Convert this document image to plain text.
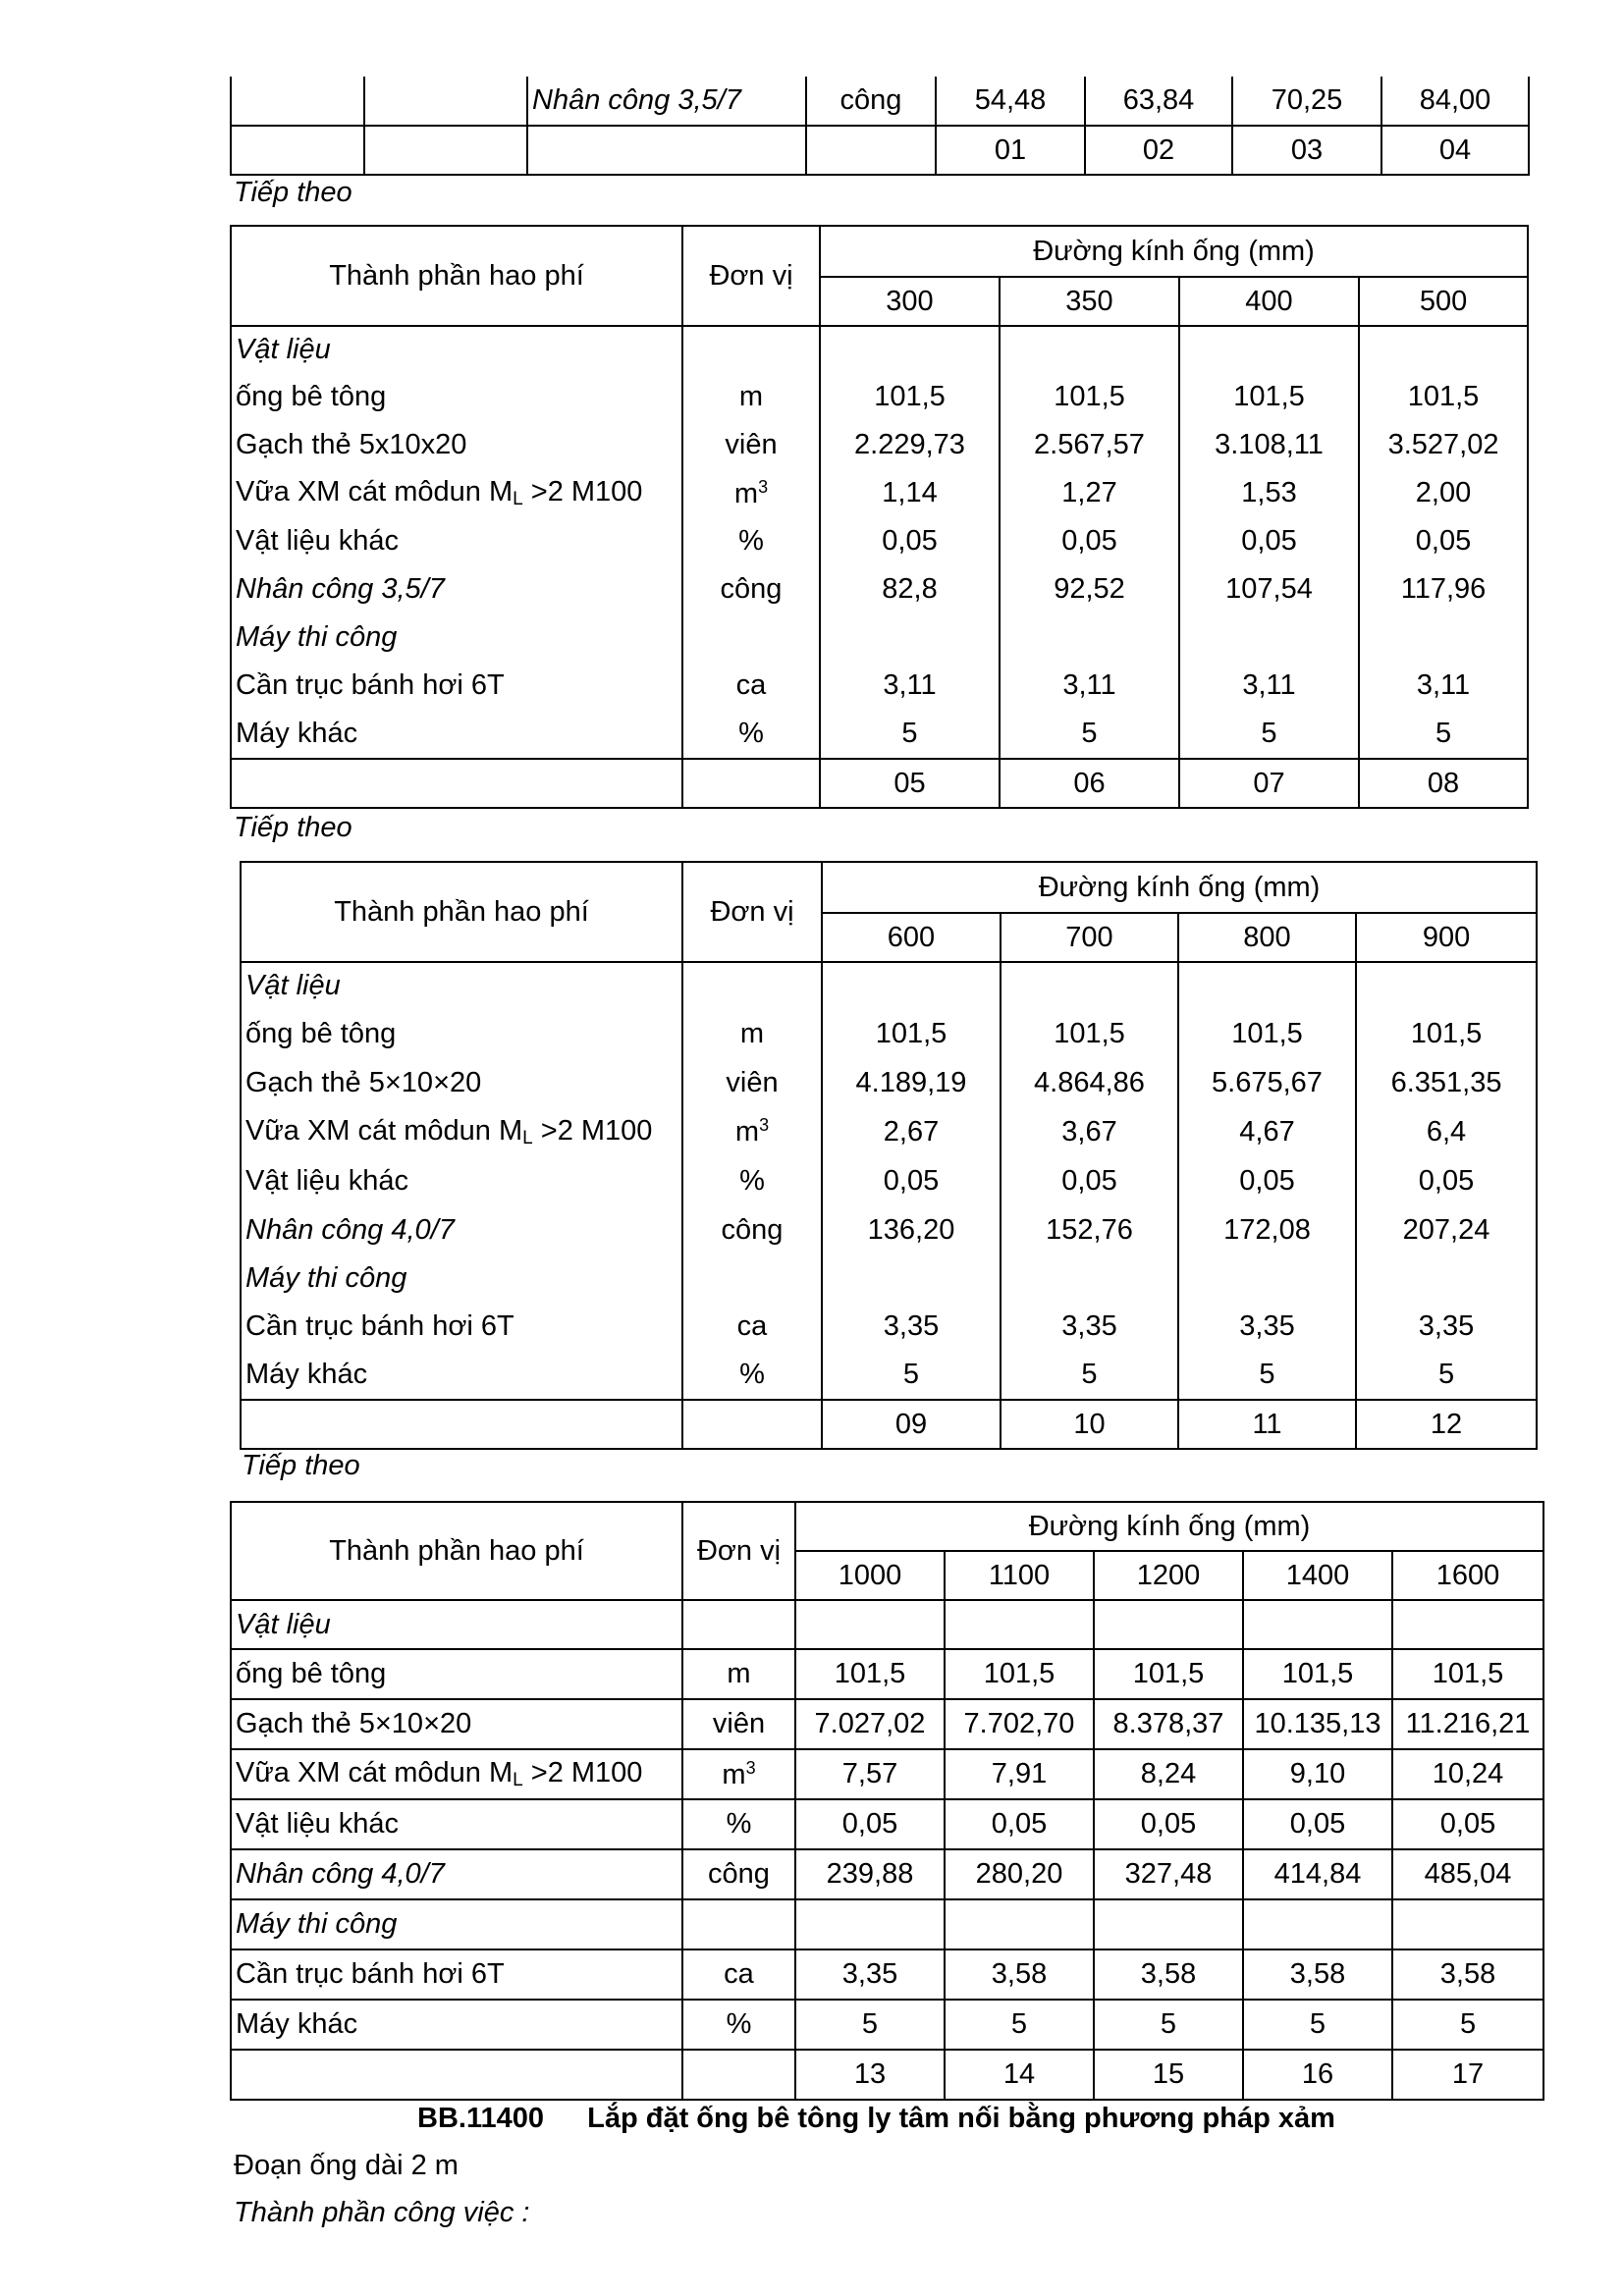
		Nhân công 3,5/7	công	54,48	63,84	70,25	84,00
				01	02	03	04
Tiếp theo
Thành phần hao phí	Đơn vị	Đường kính ống (mm)			
		300	350	400	500
Vật liệu					
ống bê tông	m	101,5	101,5	101,5	101,5
Gạch thẻ 5x10x20	viên	2.229,73	2.567,57	3.108,11	3.527,02
Vữa XM cát môdun $M_L >2$ M100	$m^3$	1,14	1,27	1,53	2,00
Vật liệu khác	%	0,05	0,05	0,05	0,05
Nhân công 3,5/7	công	82,8	92,52	107,54	117,96
Máy thi công					
Cần trục bánh hơi 6T	ca	3,11	3,11	3,11	3,11
Máy khác	%	5	5	5	5
		05	06	07	08
Tiếp theo
Thành phần hao phí	Đơn vị	Đường kính ống (mm)			
		600	700	800	900
Vật liệu					
ống bê tông	m	101,5	101,5	101,5	101,5
Gạch thẻ 5×10×20	viên	4.189,19	4.864,86	5.675,67	6.351,35
Vữa XM cát môdun $M_L >2$ M100	$m^3$	2,67	3,67	4,67	6,4
Vật liệu khác	%	0,05	0,05	0,05	0,05
Nhân công 4,0/7	công	136,20	152,76	172,08	207,24
Máy thi công					
Cần trục bánh hơi 6T	ca	3,35	3,35	3,35	3,35
Máy khác	%	5	5	5	5
		09	10	11	12
Tiếp theo
Thành phần hao phí	Đơn vị	Đường kính ống (mm)				
		1000	1100	1200	1400	1600
Vật liệu						
ống bê tông	m	101,5	101,5	101,5	101,5	101,5
Gạch thẻ 5×10×20	viên	7.027,02	7.702,70	8.378,37	10.135,13	11.216,21
Vữa XM cát môdun $M_L >2$ M100	$m^3$	7,57	7,91	8,24	9,10	10,24
Vật liệu khác	%	0,05	0,05	0,05	0,05	0,05
Nhân công 4,0/7	công	239,88	280,20	327,48	414,84	485,04
Máy thi công						
Cần trục bánh hơi 6T	ca	3,35	3,58	3,58	3,58	3,58
Máy khác	%	5	5	5	5	5
		13	14	15	16	17
BB.11400 Lắp đặt ống bê tông ly tâm nối bằng phương pháp xảm
Đoạn ống dài 2 m
Thành phần công việc :
